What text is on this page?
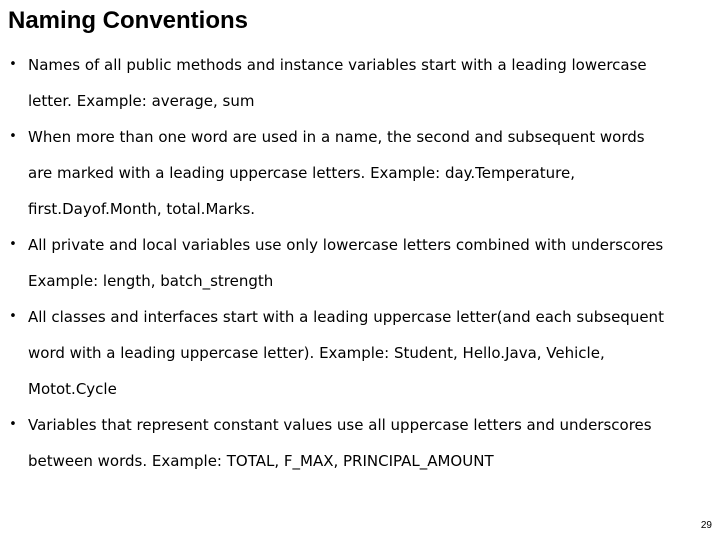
Naming Conventions
• Names of all public methods and instance variables start with a leading lowercase
letter. Example: average, sum
• When more than one word are used in a name, the second and subsequent words
are marked with a leading uppercase letters. Example: day.Temperature,
first.Dayof.Month, total.Marks.
• All private and local variables use only lowercase letters combined with underscores
Example: length, batch_strength
• All classes and interfaces start with a leading uppercase letter(and each subsequent
word with a leading uppercase letter). Example: Student, Hello.Java, Vehicle,
Motot.Cycle
• Variables that represent constant values use all uppercase letters and underscores
between words. Example: TOTAL, F_MAX, PRINCIPAL_AMOUNT
29
